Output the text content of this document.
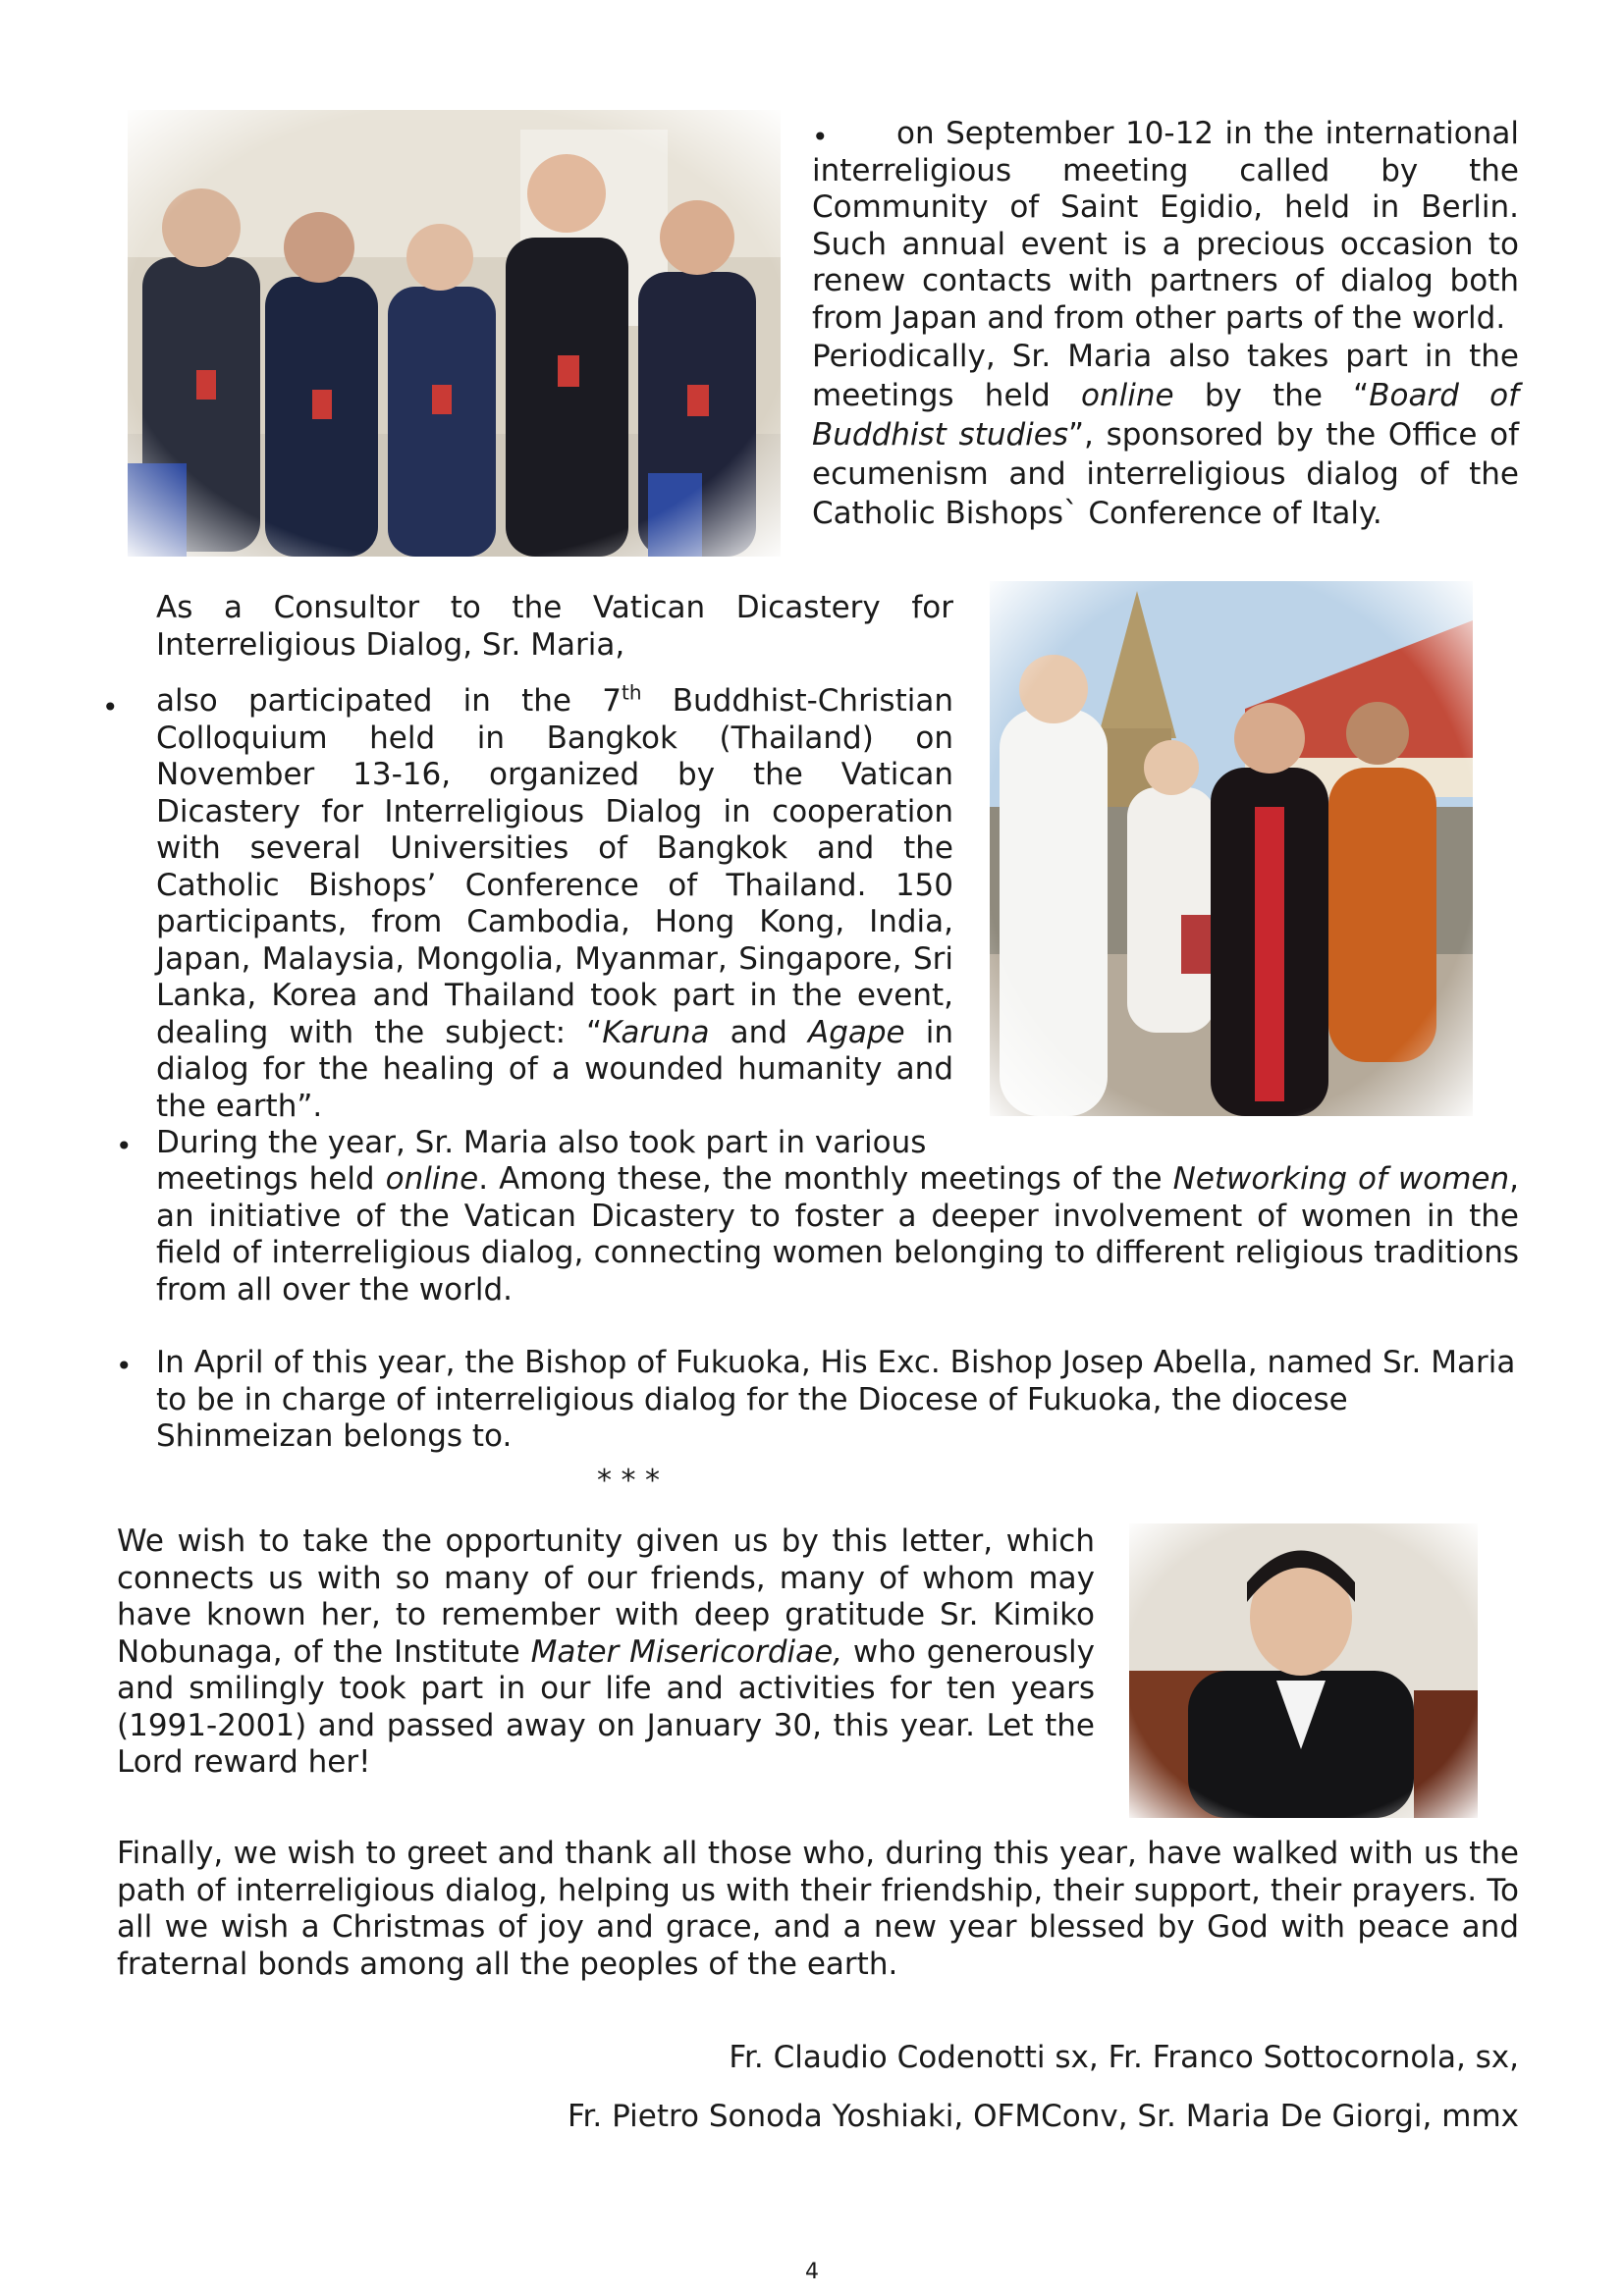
•	on September 10-12 in the international

interreligious meeting called by the

Community of Saint Egidio, held in Berlin.

Such annual event is a precious occasion to

renew contacts with partners of dialog both

from Japan and from other parts of the world.

Periodically, Sr. Maria also takes part in the meetings held online by the “Board of Buddhist studies”, sponsored by the Office of ecumenism and interreligious dialog of the Catholic Bishops` Conference of Italy.

As a Consultor to the Vatican Dicastery for Interreligious Dialog, Sr. Maria,
• also participated in the 7th Buddhist-Christian Colloquium held in Bangkok (Thailand) on November 13-16, organized by the Vatican Dicastery for Interreligious Dialog in cooperation with several Universities of Bangkok and the Catholic Bishops’ Conference of Thailand. 150 participants, from Cambodia, Hong Kong, India, Japan, Malaysia, Mongolia, Myanmar, Singapore, Sri Lanka, Korea and Thailand took part in the event, dealing with the subject: “Karuna and Agape in dialog for the healing of a wounded humanity and the earth”.
• During the year, Sr. Maria also took part in various
meetings held online. Among these, the monthly meetings of the Networking of women, an initiative of the Vatican Dicastery to foster a deeper involvement of women in the field of interreligious dialog, connecting women belonging to different religious traditions from all over the world.
• In April of this year, the Bishop of Fukuoka, His Exc. Bishop Josep Abella, named Sr. Maria to be in charge of interreligious dialog for the Diocese of Fukuoka, the diocese Shinmeizan belongs to.
* * *
We wish to take the opportunity given us by this letter, which connects us with so many of our friends, many of whom may have known her, to remember with deep gratitude Sr. Kimiko Nobunaga, of the Institute Mater Misericordiae, who generously and smilingly took part in our life and activities for ten years (1991-2001) and passed away on January 30, this year. Let the Lord reward her!
Finally, we wish to greet and thank all those who, during this year, have walked with us the path of interreligious dialog, helping us with their friendship, their support, their prayers. To all we wish a Christmas of joy and grace, and a new year blessed by God with peace and fraternal bonds among all the peoples of the earth.
Fr. Claudio Codenotti sx, Fr. Franco Sottocornola, sx,
Fr. Pietro Sonoda Yoshiaki, OFMConv, Sr. Maria De Giorgi, mmx
4
